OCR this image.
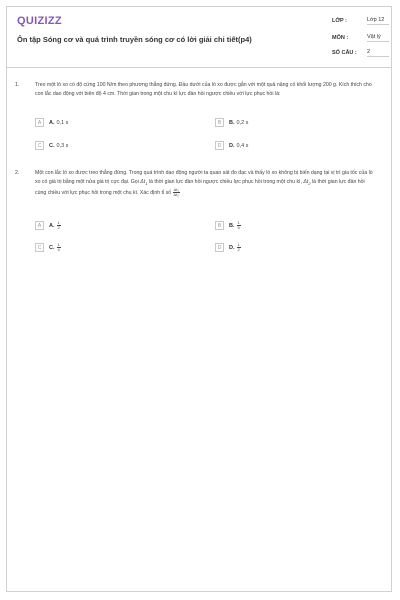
QUIZIZZ
Ôn tập Sóng cơ và quá trình truyền sóng cơ có lời giải chi tiết(p4)
LỚP :	Lớp 12
MÔN :	Vật lý
SỐ CÂU : 2
1.	Treo một lò xo có độ cứng 100 N/m theo phương thẳng đứng. Đầu dưới của lò xo được gắn với một quả nặng có khối lượng 200 g. Kích thích cho con lắc dao động với biên độ 4 cm. Thời gian trong một chu kì lực đàn hồi ngược chiều với lực phục hồi là:
A	A. 0,1 s	B	B. 0,2 s
C	C. 0,3 s	D	D. 0,4 s
2.	Một con lắc lò xo được treo thẳng đứng. Trong quá trình dao động người ta quan sát đo đạc và thấy lò xo không bị biến dạng tại vị trí gia tốc của lò xo có giá trị bằng một nửa giá trị cực đại. Gọi $\Delta t_1$ là thời gian lực đàn hồi ngược chiều lực phục hồi trong một chu kì, $\Delta t_2$ là thời gian lực đàn hồi cùng chiều với lực phục hồi trong một chu kì. Xác định tỉ số $\frac{\text{Δt₁}}{\text{Δt₂}}$
A	A. $\frac{1}{2}$	B	B. $\frac{1}{5}$
C	C. $\frac{1}{4}$	D	D. $\frac{1}{2}$
